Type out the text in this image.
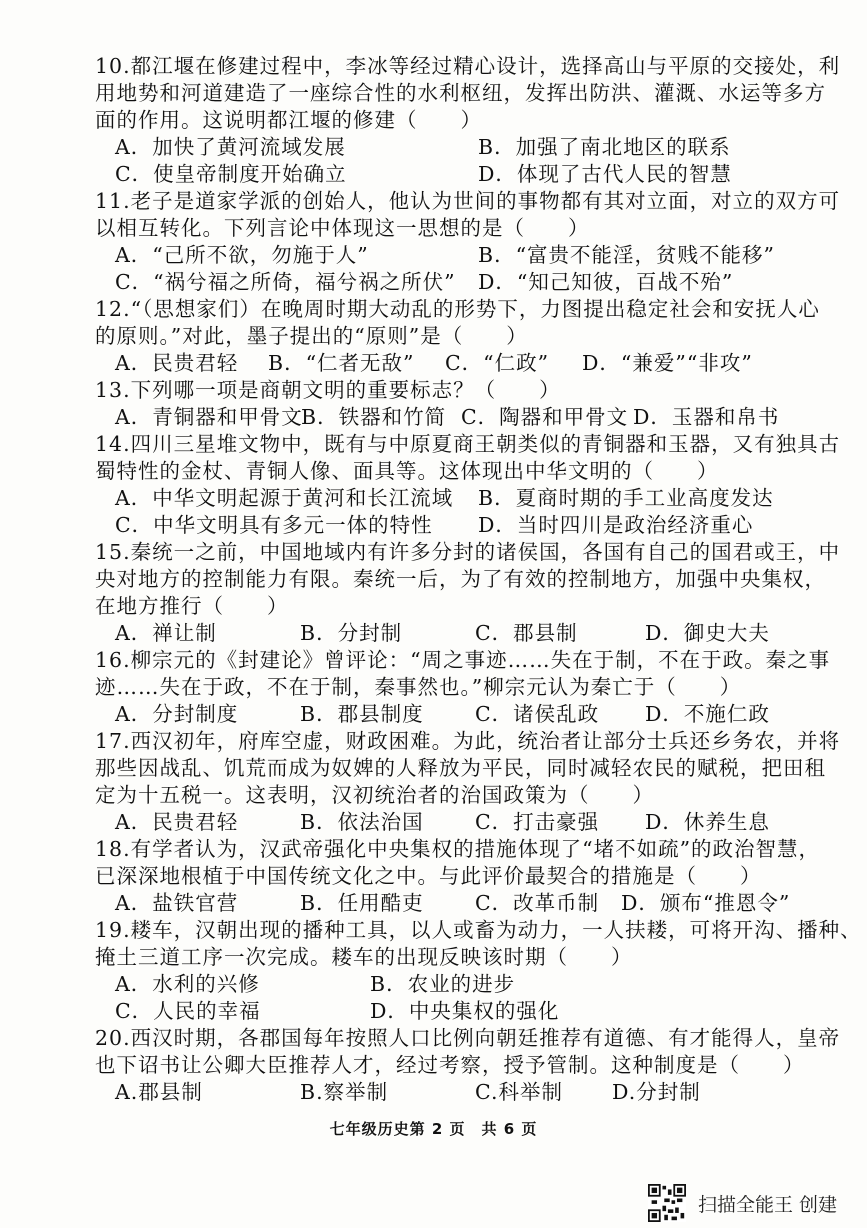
10.都江堰在修建过程中，李冰等经过精心设计，选择高山与平原的交接处，利
用地势和河道建造了一座综合性的水利枢纽，发挥出防洪、灌溉、水运等多方
面的作用。这说明都江堰的修建（　　）
A．加快了黄河流域发展	B．加强了南北地区的联系
C．使皇帝制度开始确立	D．体现了古代人民的智慧
11.老子是道家学派的创始人，他认为世间的事物都有其对立面，对立的双方可
以相互转化。下列言论中体现这一思想的是（　　）
A．“己所不欲，勿施于人”	B．“富贵不能淫，贫贱不能移”
C．“祸兮福之所倚，福兮祸之所伏” D．“知己知彼，百战不殆”
12.“（思想家们）在晚周时期大动乱的形势下，力图提出稳定社会和安抚人心
的原则。”对此，墨子提出的“原则”是（　　）
A．民贵君轻 B．“仁者无敌” C．“仁政” D．“兼爱”“非攻”
13.下列哪一项是商朝文明的重要标志？（　　）
A．青铜器和甲骨文
B．铁器和竹简 C．陶器和甲骨文 D．玉器和帛书
14.四川三星堆文物中，既有与中原夏商王朝类似的青铜器和玉器，又有独具古
蜀特性的金杖、青铜人像、面具等。这体现出中华文明的（　　）
A．中华文明起源于黄河和长江流域 B．夏商时期的手工业高度发达
C．中华文明具有多元一体的特性 D．当时四川是政治经济重心
15.秦统一之前，中国地域内有许多分封的诸侯国，各国有自己的国君或王，中
央对地方的控制能力有限。秦统一后，为了有效的控制地方，加强中央集权，
在地方推行（　　）
A．禅让制	B．分封制	C．郡县制	D．御史大夫
16.柳宗元的《封建论》曾评论：“周之事迹……失在于制，不在于政。秦之事
迹……失在于政，不在于制，秦事然也。”柳宗元认为秦亡于（　　）
A．分封制度	B．郡县制度	C．诸侯乱政 D．不施仁政
17.西汉初年，府库空虚，财政困难。为此，统治者让部分士兵还乡务农，并将
那些因战乱、饥荒而成为奴婢的人释放为平民，同时减轻农民的赋税，把田租
定为十五税一。这表明，汉初统治者的治国政策为（　　）
A．民贵君轻	B．依法治国	C．打击豪强 D．休养生息
18.有学者认为，汉武帝强化中央集权的措施体现了“堵不如疏”的政治智慧，
已深深地根植于中国传统文化之中。与此评价最契合的措施是（　　）
A．盐铁官营	B．任用酷吏	C．改革币制 D．颁布“推恩令”
19.耧车，汉朝出现的播种工具，以人或畜为动力，一人扶耧，可将开沟、播种、
掩土三道工序一次完成。耧车的出现反映该时期（　　）
A．水利的兴修	B．农业的进步
C．人民的幸福	D．中央集权的强化
20.西汉时期，各郡国每年按照人口比例向朝廷推荐有道德、有才能得人，皇帝
也下诏书让公卿大臣推荐人才，经过考察，授予管制。这种制度是（　　）
A.郡县制	B.察举制	C.科举制 D.分封制
七年级历史第 2 页　共 6 页
扫描全能王 创建
